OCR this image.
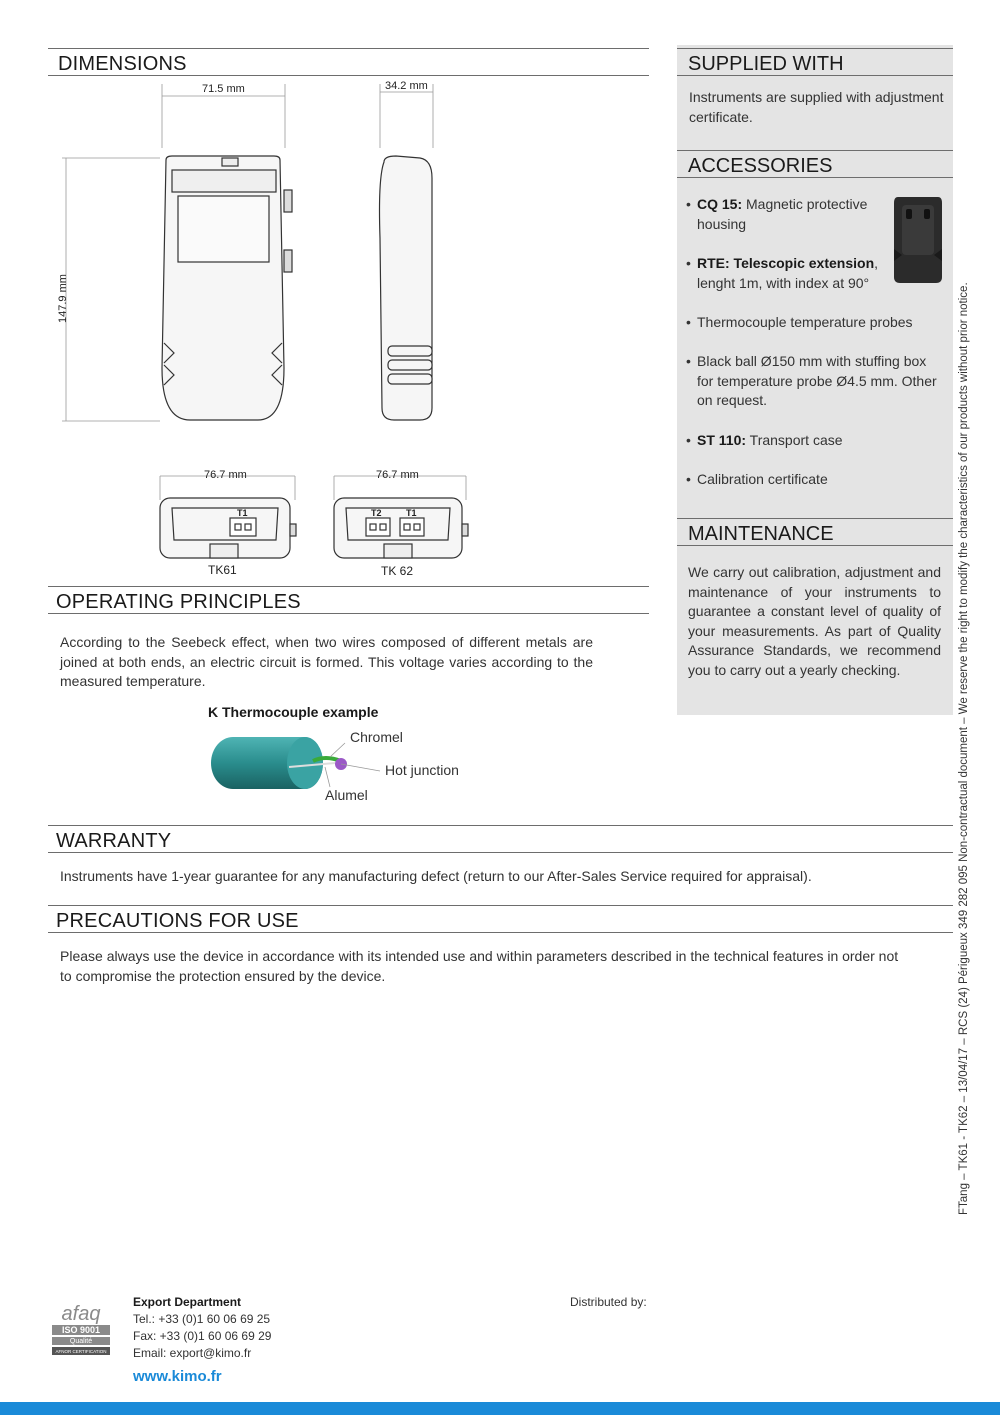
DIMENSIONS
71.5 mm	34.2 mm
147.9 mm
76.7 mm	76.7 mm
T1	T2	T1
TK61	TK 62
OPERATING PRINCIPLES
According to the Seebeck effect, when two wires composed of different metals are joined at both ends, an electric circuit is formed. This voltage varies according to the measured temperature.
K Thermocouple example
Chromel
Hot junction
Alumel
WARRANTY
Instruments have 1-year guarantee for any manufacturing defect (return to our After-Sales Service required for appraisal).
PRECAUTIONS FOR USE
Please always use the device in accordance with its intended use and within parameters described in the technical features in order not to compromise the protection ensured by the device.
SUPPLIED WITH
Instruments are supplied with adjustment certificate.
ACCESSORIES
• CQ 15: Magnetic protective housing
• RTE: Telescopic extension, lenght 1m, with index at 90°
• Thermocouple temperature probes
• Black ball Ø150 mm with stuffing box for temperature probe Ø4.5 mm. Other on request.
• ST 110: Transport case
• Calibration certificate
MAINTENANCE
We carry out calibration, adjustment and maintenance of your instruments to guarantee a constant level of quality of your measurements. As part of Quality Assurance Standards, we recommend you to carry out a yearly checking.	FTang – TK61 - TK62 – 13/04/17 – RCS (24) Périgueux 349 282 095 Non-contractual document – We reserve the right to modify the characteristics of our products without prior notice.
afaq
ISO 9001
Qualité
AFNOR CERTIFICATION
Export Department
Tel.: +33 (0)1 60 06 69 25
Fax: +33 (0)1 60 06 69 29
Email: export@kimo.fr
www.kimo.fr
Distributed by:
